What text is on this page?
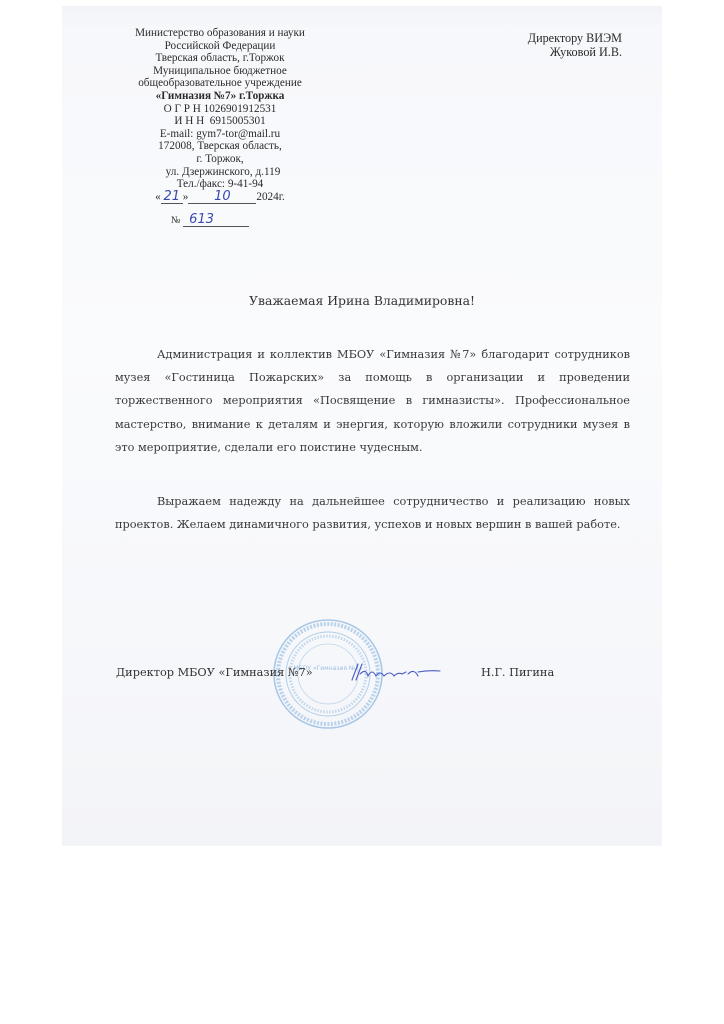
Министерство образования и науки
Российской Федерации
Тверская область, г.Торжок
Муниципальное бюджетное
общеобразовательное учреждение
«Гимназия №7» г.Торжка
О Г Р Н 1026901912531
И Н Н  6915005301
E-mail: gym7-tor@mail.ru
172008, Тверская область,
г. Торжок,
ул. Дзержинского, д.119
Тел./факс: 9-41-94
« 21 » 10 2024г.
№ 613
Директору ВИЭМ
Жуковой И.В.
Уважаемая Ирина Владимировна!

Администрация и коллектив МБОУ «Гимназия №7» благодарит сотрудников музея «Гостиница Пожарских» за помощь в организации и проведении торжественного мероприятия «Посвящение в гимназисты». Профессиональное мастерство, внимание к деталям и энергия, которую вложили сотрудники музея в это мероприятие, сделали его поистине чудесным.

Выражаем надежду на дальнейшее сотрудничество и реализацию новых проектов. Желаем динамичного развития, успехов и новых вершин в вашей работе.

МБОУ «Гимназия №7»
Директор МБОУ «Гимназия №7»	Н.Г. Пигина
